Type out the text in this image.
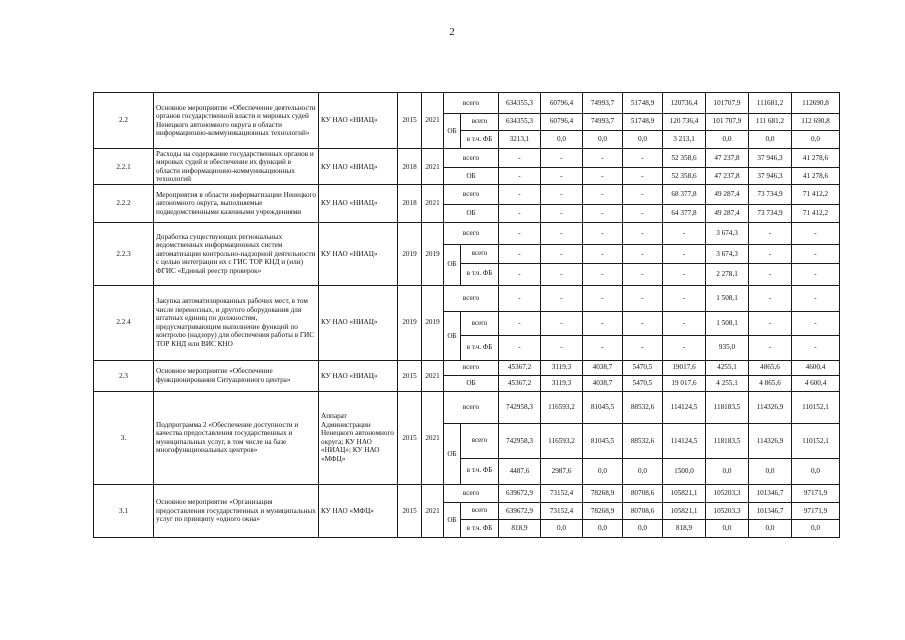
2
2.2	Основное мероприятие «Обеспечение деятельности органов государственной власти и мировых судей Ненецкого автономного округа в области информационно-коммуникационных технологий»	КУ НАО «НИАЦ»	2015	2021	всего		634355,3	60796,4	74993,7	51748,9	120736,4	101707,9	111681,2	112690,8
					ОБ	всего	634355,3	60796,4	74993,7	51748,9	120 736,4	101 707,9	111 681,2	112 690,8
						в т.ч. ФБ	3213,1	0,0	0,0	0,0	3 213,1	0,0	0,0	0,0
2.2.1	Расходы на содержание государственных органов и мировых судей и обеспечение их функций в области информационно-коммуникационных технологий	КУ НАО «НИАЦ»	2018	2021	всего		-	-	-	-	52 358,6	47 237,8	37 946,3	41 278,6
					ОБ		-	-	-	-	52 358,6	47 237,8	37 946,3	41 278,6
2.2.2	Мероприятия в области информатизации Ненецкого автономного округа, выполняемые подведомственными казенными учреждениями	КУ НАО «НИАЦ»	2018	2021	всего		-	-	-	-	68 377,8	49 287,4	73 734,9	71 412,2
					ОБ		-	-	-	-	64 377,8	49 287,4	73 734,9	71 412,2
2.2.3	Доработка существующих региональных ведомственных информационных систем автоматизации контрольно-надзорной деятельности с целью интеграции их с ГИС ТОР КНД и (или) ФГИС «Единый реестр проверок»	КУ НАО «НИАЦ»	2019	2019	всего		-	-	-	-	-	3 674,3	-	-
					ОБ	всего	-	-	-	-	-	3 674,3	-	-
						в т.ч. ФБ	-	-	-	-	-	2 278,1	-	-
2.2.4	Закупка автоматизированных рабочих мест, в том числе переносных, и другого оборудования для штатных единиц по должностям, предусматривающим выполнение функций по контролю (надзору) для обеспечения работы в ГИС ТОР КНД или ВИС КНО	КУ НАО «НИАЦ»	2019	2019	всего		-	-	-	-	-	1 508,1	-	-
					ОБ	всего	-	-	-	-	-	1 508,1	-	-
						в т.ч. ФБ	-	-	-	-	-	935,0	-	-
2.3	Основное мероприятие «Обеспечение функционирования Ситуационного центра»	КУ НАО «НИАЦ»	2015	2021	всего		45367,2	3119,3	4038,7	5470,5	19017,6	4255,1	4865,6	4600,4
					ОБ		45367,2	3119,3	4038,7	5470,5	19 017,6	4 255,1	4 865,6	4 600,4
3.	Подпрограмма 2 «Обеспечение доступности и качества предоставления государственных и муниципальных услуг, в том числе на базе многофункциональных центров»	Аппарат Администрации Ненецкого автономного округа; КУ НАО «НИАЦ»; КУ НАО «МФЦ»	2015	2021	всего		742958,3	116593,2	81045,5	88532,6	114124,5	118183,5	114326,9	110152,1
					ОБ	всего	742958,3	116593,2	81045,5	88532,6	114124,5	118183,5	114326,9	110152,1
						в т.ч. ФБ	4487,6	2987,6	0,0	0,0	1500,0	0,0	0,0	0,0
3.1	Основное мероприятие «Организация предоставления государственных и муниципальных услуг по принципу «одного окна»	КУ НАО «МФЦ»	2015	2021	всего		639672,9	73152,4	78268,9	80708,6	105821,1	105203,3	101346,7	97171,9
					ОБ	всего	639672,9	73152,4	78268,9	80708,6	105821,1	105203,3	101346,7	97171,9
						в т.ч. ФБ	818,9	0,0	0,0	0,0	818,9	0,0	0,0	0,0
